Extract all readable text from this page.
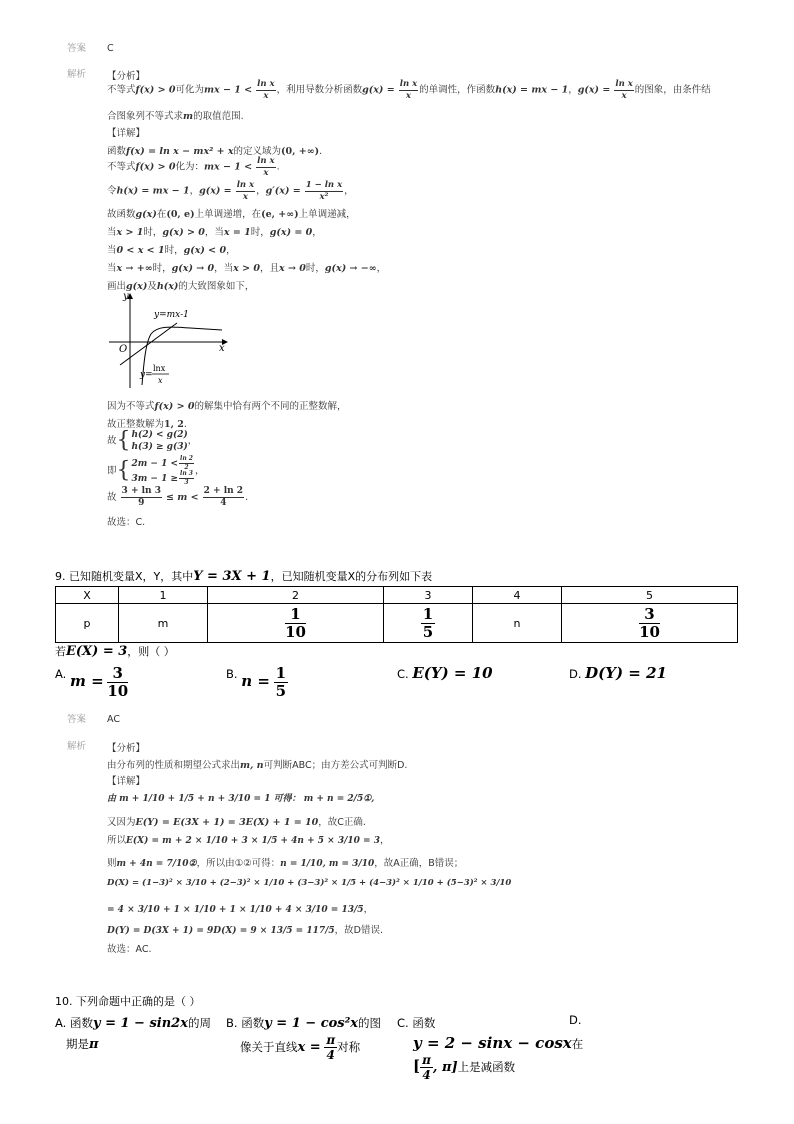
答案 C
解析 【分析】
不等式f(x) > 0可化为mx − $1 < \frac{\text{ln x}}{x}$ ，利用导数分析函数$g(x) = \frac{\text{ln x}}{x}$ 的单调性，作函数h(x) = mx − 1，$g(x) = \frac{\text{ln x}}{x}$ 的图象，由条件结
合图象列不等式求m的取值范围.
【详解】
函数f(x) = ln x − mx² + x的定义域为(0, +∞).
不等式f(x) > 0化为：mx − $1 < \frac{\text{ln x}}{x}$ .
令h(x) = mx − 1，$g(x) = \frac{\text{ln x}}{x}$ ，$g'(x) = \frac{\text{1 − ln x}}{\text{x²}}$ ，
故函数g(x)在(0, e)上单调递增，在(e, +∞)上单调递减，
当x > 1时，g(x) > 0，当x = 1时，g(x) = 0，
当0 < x < 1时，g(x) < 0，
当x → +∞时，g(x) → 0，当x > 0，且x → 0时，g(x) → −∞，
画出g(x)及h(x)的大致图象如下，
y
x
O
y=mx-1
y=
lnx
x
因为不等式f(x) > 0的解集中恰有两个不同的正整数解，
故正整数解为1, 2.
故{ h(2) < g(2)
h(3) ≥ g(3)
，
即{ $2m - 1 < \frac{\ln 2}{2}$
$3m - 1 \ge \frac{\ln 3}{3}$ ，
故 $\frac{3 + \ln 3}{9} \le m < \frac{2 + \ln 2}{4}$ .
故选：C.
9. 已知随机变量X，Y，其中Y = 3X + 1，已知随机变量X的分布列如下表
X	1	2	3	4	5
p	m	$\frac{1}{10}$	$\frac{1}{5}$	n	$\frac{3}{10}$
若E(X) = 3，则（ ）
A. $m = \frac{3}{10}$	B. $n = \frac{1}{5}$	C. E(Y) = 10	D. D(Y) = 21
答案 AC
解析 【分析】
由分布列的性质和期望公式求出m, n可判断ABC；由方差公式可判断D.
【详解】
由 m + 1/10 + 1/5 + n + 3/10 = 1 可得： m + n = 2/5①,
又因为E(Y) = E(3X + 1) = 3E(X) + 1 = 10，故C正确.
所以E(X) = m + 2 × 1/10 + 3 × 1/5 + 4n + 5 × 3/10 = 3，
则m + 4n = 7/10②，所以由①②可得：n = 1/10, m = 3/10，故A正确，B错误；
D(X) = (1−3)² × 3/10 + (2−3)² × 1/10 + (3−3)² × 1/5 + (4−3)² × 1/10 + (5−3)² × 3/10
= 4 × 3/10 + 1 × 1/10 + 1 × 1/10 + 4 × 3/10 = 13/5，
D(Y) = D(3X + 1) = 9D(X) = 9 × 13/5 = 117/5，故D错误.
故选：AC.
10. 下列命题中正确的是（ ）
A. 函数y = 1 − sin2x的周
期是π
B. 函数y = 1 − cos²x的图
像关于直线$x = \frac{\pi}{4}$ 对称
C. 函数
y = 2 − sinx − cosx在
[ $\frac{\pi}{4}$ , π]上是减函数
D.
